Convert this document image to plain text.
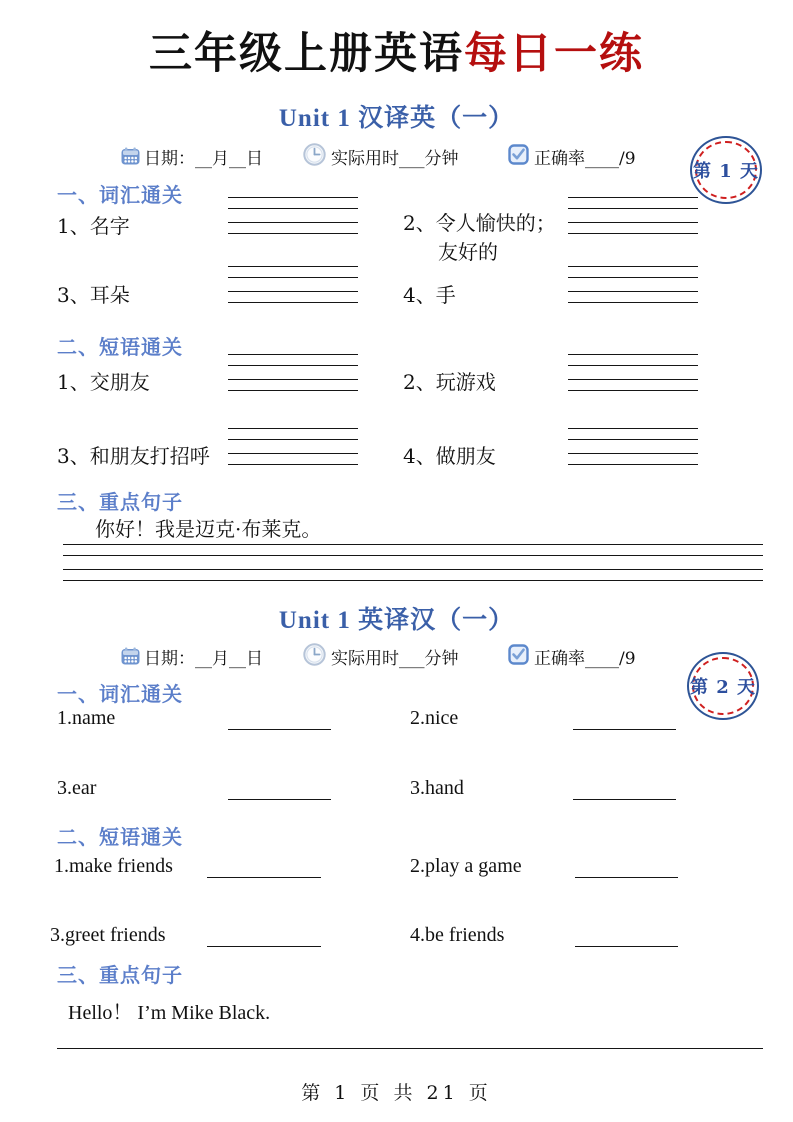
三年级上册英语每日一练
Unit 1 汉译英（一）
日期：__月__日	实际用时___分钟	正确率____/9
第 1 天
一、词汇通关
1、名字	2、令人愉快的；
友好的
3、耳朵	4、手
二、短语通关
1、交朋友	2、玩游戏
3、和朋友打招呼	4、做朋友
三、重点句子
你好！我是迈克·布莱克。
Unit 1 英译汉（一）
日期：__月__日	实际用时___分钟	正确率____/9
第 2 天
一、词汇通关
1.name	2.nice
3.ear	3.hand
二、短语通关
1.make friends	2.play a game
3.greet friends	4.be friends
三、重点句子
Hello！ I’m Mike Black.
第 1 页 共 21 页
